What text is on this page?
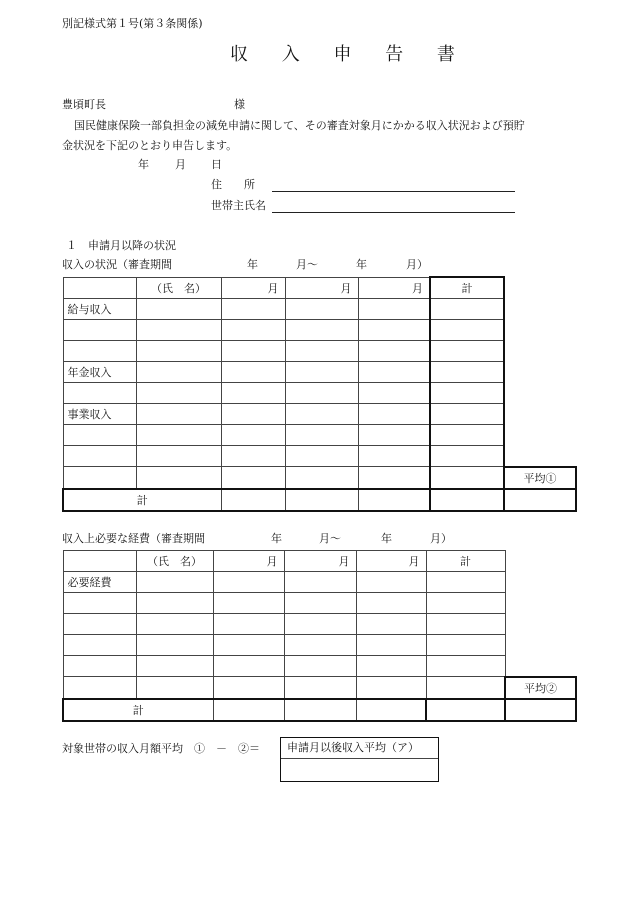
別記様式第１号(第３条関係)
収 入 申 告 書
豊頃町長	様
国民健康保険一部負担金の減免申請に関して、その審査対象月にかかる収入状況および預貯
金状況を下記のとおり申告します。
年 月 日
住　　所
世帯主氏名
１　申請月以降の状況
収入の状況（審査期間	年	月～	年	月）
	（氏　名）	月	月	月	計	
給与収入						

年金収入						

事業収入						

						平均①
計						
収入上必要な経費（審査期間	年	月～	年	月）
	（氏　名）	月	月	月	計	
必要経費						

						平均②
計						
対象世帯の収入月額平均　①　－　②＝	申請月以後収入平均（ア）
